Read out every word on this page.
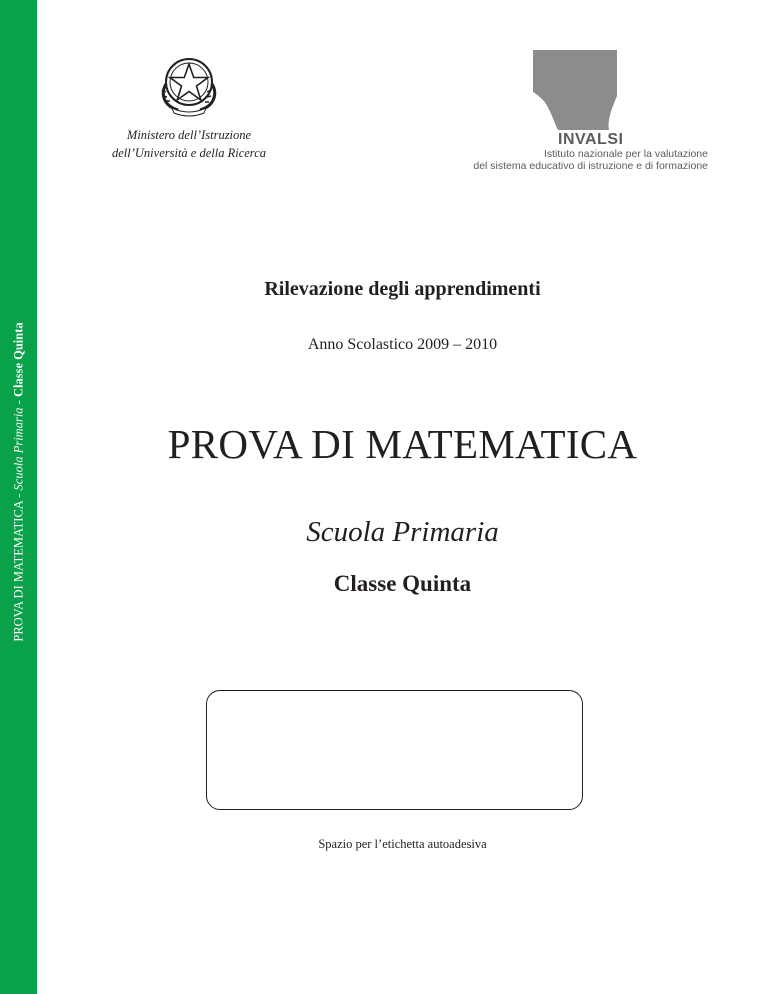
PROVA DI MATEMATICA - Scuola Primaria - Classe Quinta
Ministero dell’Istruzione
dell’Università e della Ricerca
INVALSI
Istituto nazionale per la valutazione
del sistema educativo di istruzione e di formazione
Rilevazione degli apprendimenti
Anno Scolastico 2009 – 2010
PROVA DI MATEMATICA
Scuola Primaria
Classe Quinta
Spazio per l’etichetta autoadesiva
